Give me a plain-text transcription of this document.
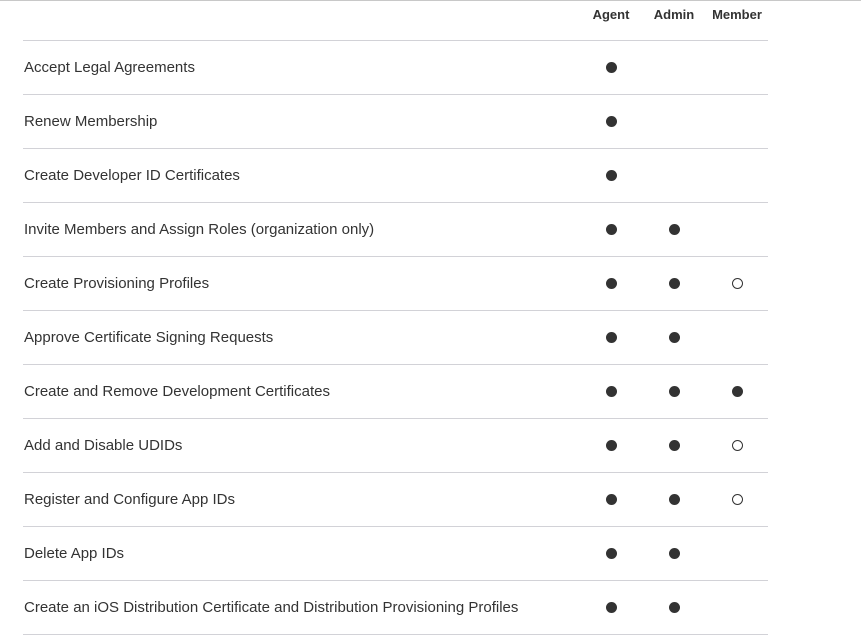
Agent	Admin	Member
Accept Legal Agreements
Renew Membership
Create Developer ID Certificates
Invite Members and Assign Roles (organization only)
Create Provisioning Profiles
Approve Certificate Signing Requests
Create and Remove Development Certificates
Add and Disable UDIDs
Register and Configure App IDs
Delete App IDs
Create an iOS Distribution Certificate and Distribution Provisioning Profiles
